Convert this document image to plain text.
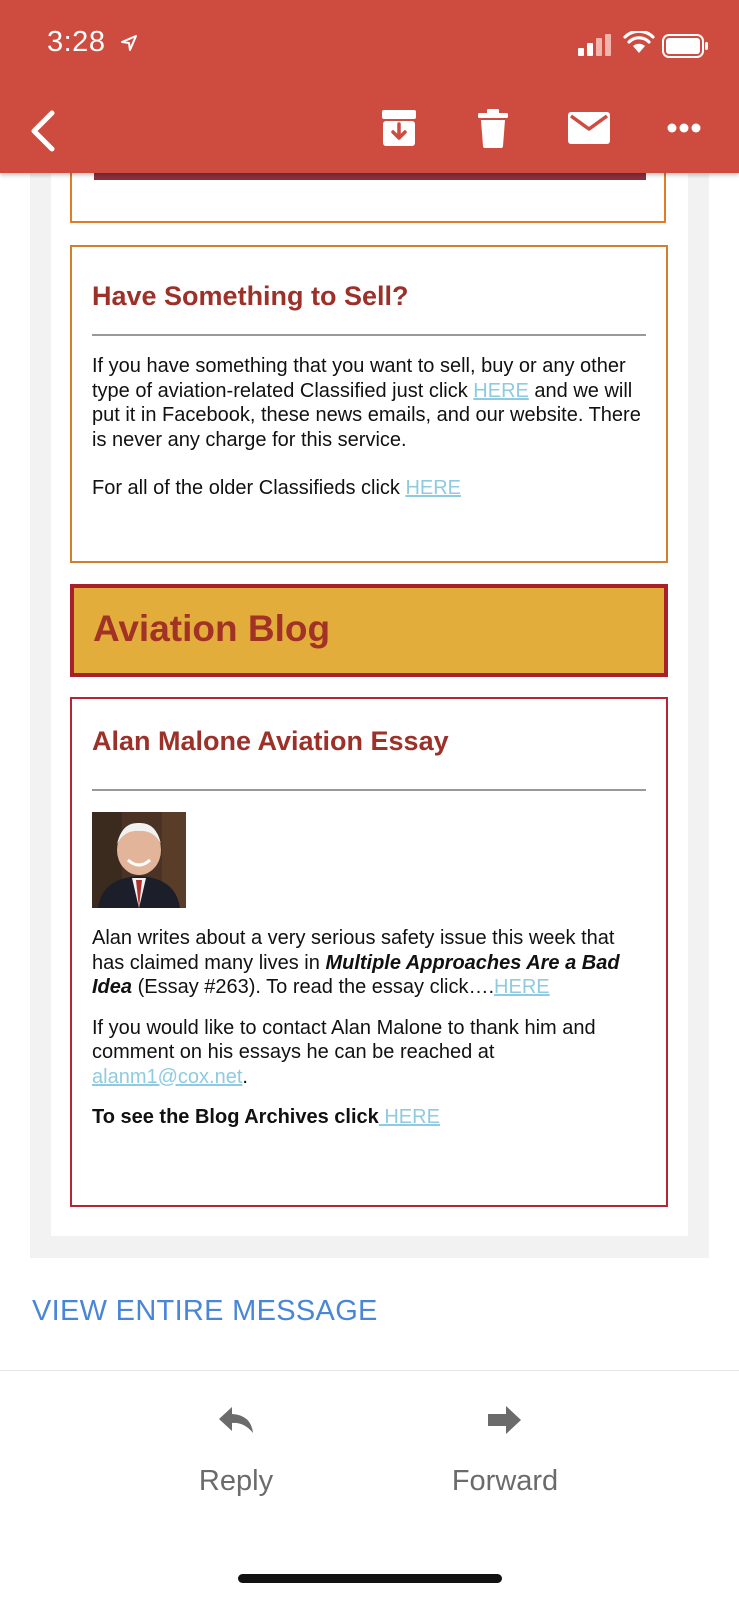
3:28
Have Something to Sell?

If you have something that you want to sell, buy or any other type of aviation-related Classified just click HERE and we will put it in Facebook, these news emails, and our website. There is never any charge for this service.

For all of the older Classifieds click HERE

Aviation Blog
Alan Malone Aviation Essay

Alan writes about a very serious safety issue this week that has claimed many lives in Multiple Approaches Are a Bad Idea (Essay #263). To read the essay click….HERE

If you would like to contact Alan Malone to thank him and comment on his essays he can be reached at alanm1@cox.net.

To see the Blog Archives click HERE

VIEW ENTIRE MESSAGE
Reply	Forward
